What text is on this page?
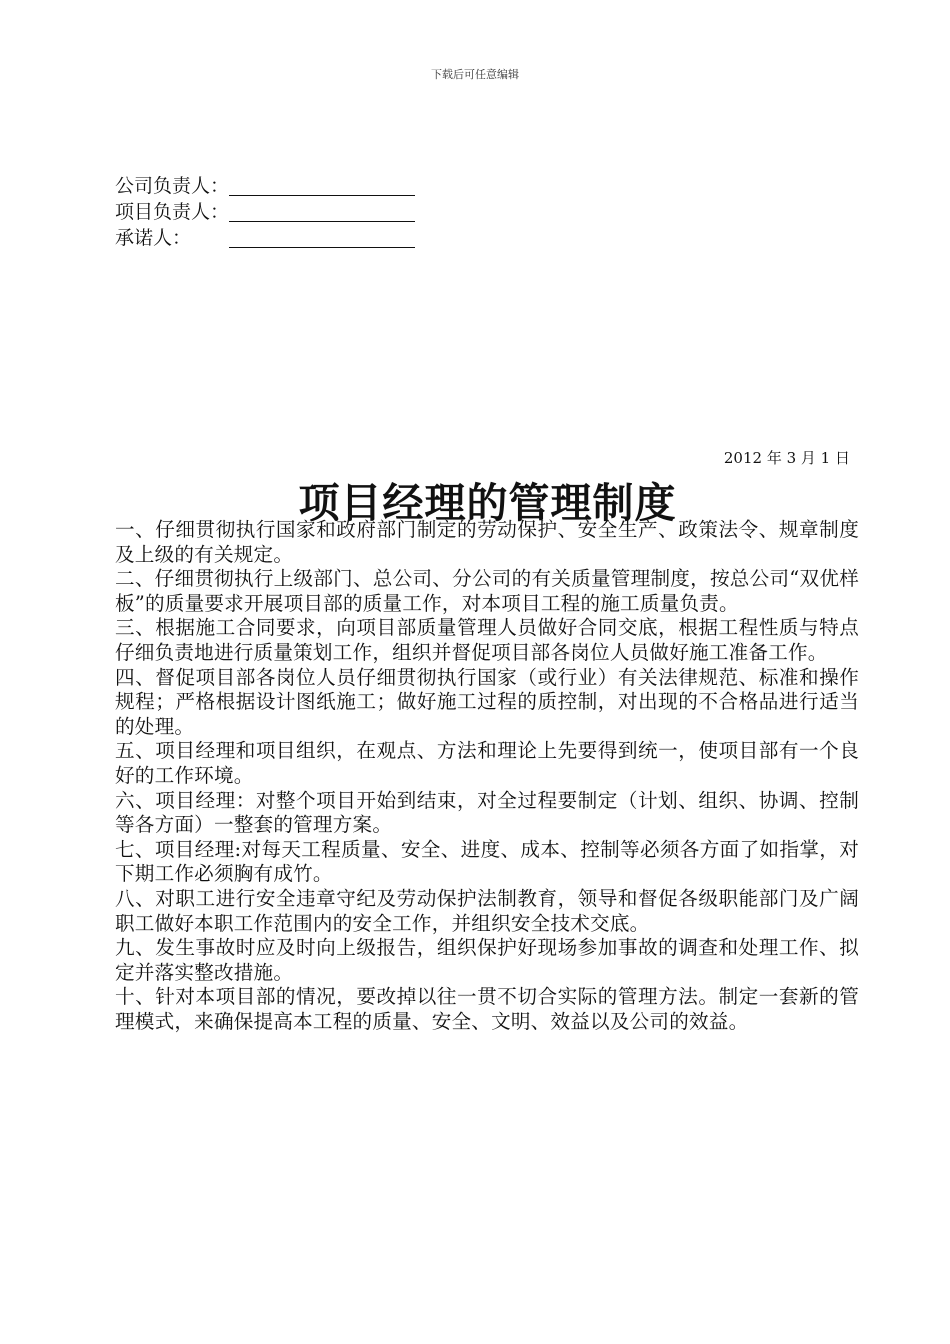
下载后可任意编辑
公司负责人：
项目负责人：
承诺人：
2012 年 3 月 1 日
项目经理的管理制度

一、仔细贯彻执行国家和政府部门制定的劳动保护、安全生产、政策法令、规章制度及上级的有关规定。

二、仔细贯彻执行上级部门、总公司、分公司的有关质量管理制度，按总公司“双优样板”的质量要求开展项目部的质量工作，对本项目工程的施工质量负责。

三、根据施工合同要求，向项目部质量管理人员做好合同交底，根据工程性质与特点仔细负责地进行质量策划工作，组织并督促项目部各岗位人员做好施工准备工作。

四、督促项目部各岗位人员仔细贯彻执行国家（或行业）有关法律规范、标准和操作规程；严格根据设计图纸施工；做好施工过程的质控制，对出现的不合格品进行适当的处理。

五、项目经理和项目组织，在观点、方法和理论上先要得到统一，使项目部有一个良好的工作环境。

六、项目经理：对整个项目开始到结束，对全过程要制定（计划、组织、协调、控制等各方面）一整套的管理方案。

七、项目经理:对每天工程质量、安全、进度、成本、控制等必须各方面了如指掌，对下期工作必须胸有成竹。

八、对职工进行安全违章守纪及劳动保护法制教育，领导和督促各级职能部门及广阔职工做好本职工作范围内的安全工作，并组织安全技术交底。

九、发生事故时应及时向上级报告，组织保护好现场参加事故的调查和处理工作、拟定并落实整改措施。

十、针对本项目部的情况，要改掉以往一贯不切合实际的管理方法。制定一套新的管理模式，来确保提高本工程的质量、安全、文明、效益以及公司的效益。
